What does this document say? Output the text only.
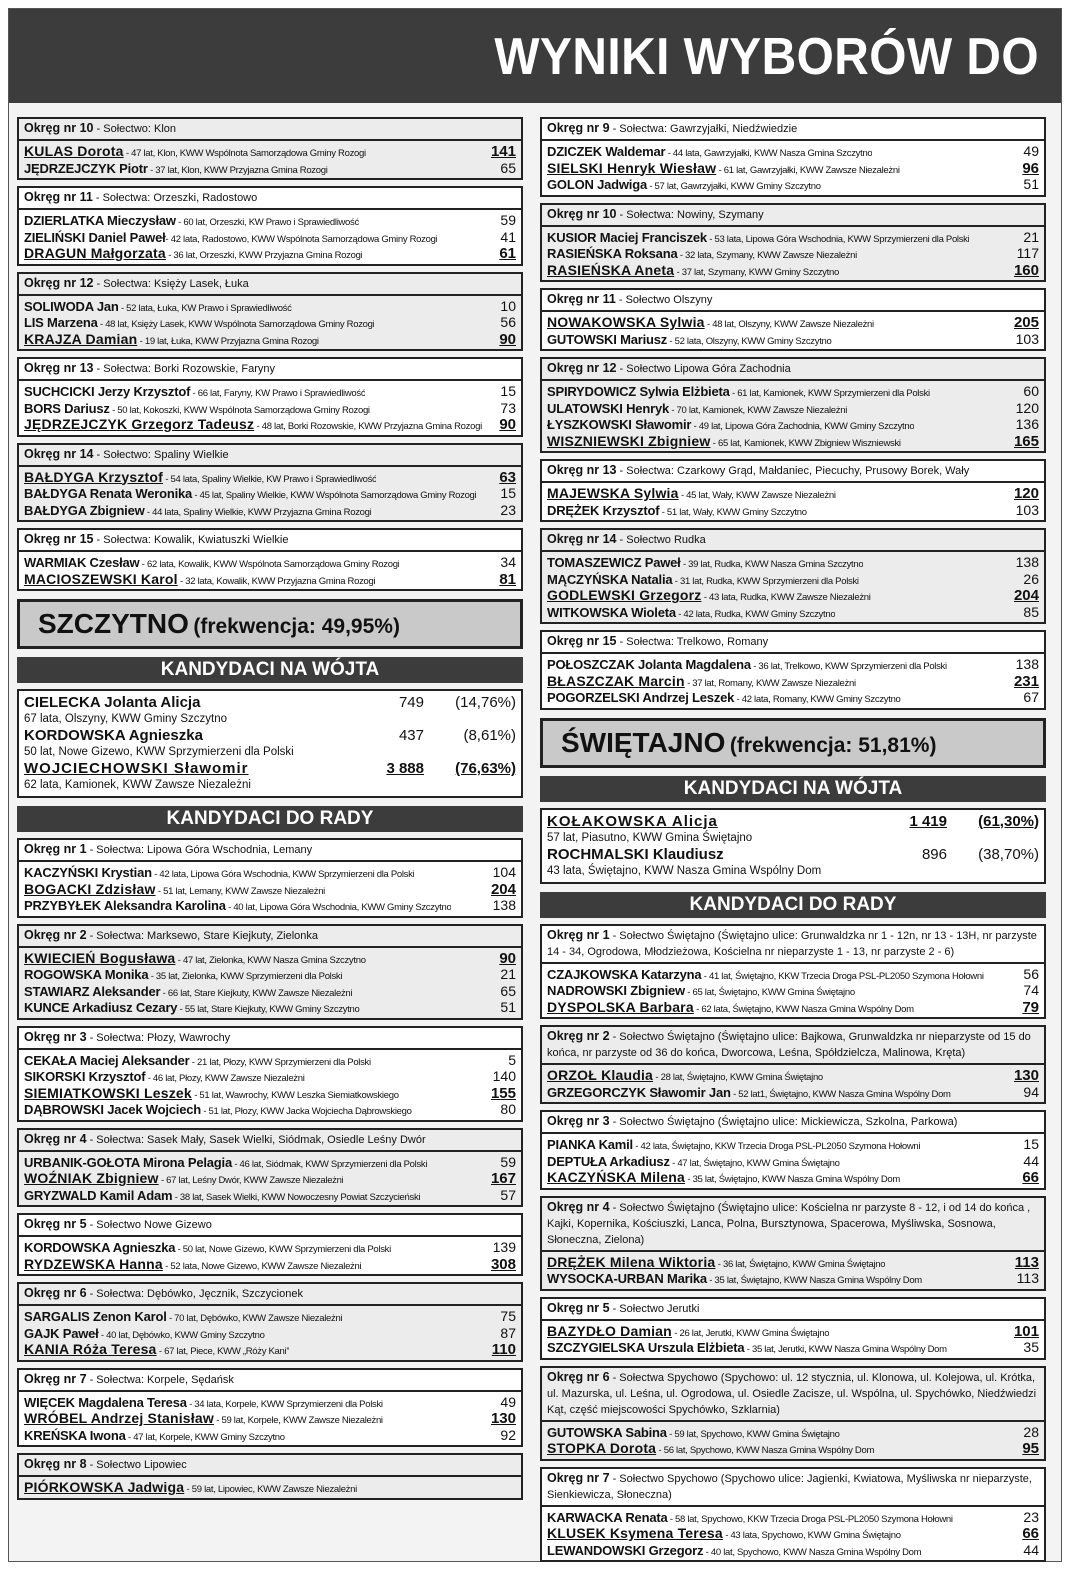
WYNIKI WYBORÓW DO
Okręg nr 10 - Sołectwo: Klon
KULAS Dorota - 47 lat, Klon, KWW Wspólnota Samorządowa Gminy Rozogi	141
JĘDRZEJCZYK Piotr - 37 lat, Klon, KWW Przyjazna Gmina Rozogi	65
Okręg nr 11 - Sołectwa: Orzeszki, Radostowo
DZIERLATKA Mieczysław - 60 lat, Orzeszki, KW Prawo i Sprawiedliwość	59
ZIELIŃSKI Daniel Paweł- 42 lata, Radostowo, KWW Wspólnota Samorządowa Gminy Rozogi	41
DRAGUN Małgorzata - 36 lat, Orzeszki, KWW Przyjazna Gmina Rozogi	61
Okręg nr 12 - Sołectwa: Księży Lasek, Łuka
SOLIWODA Jan - 52 lata, Łuka, KW Prawo i Sprawiedliwość	10
LIS Marzena - 48 lat, Księży Lasek, KWW Wspólnota Samorządowa Gminy Rozogi	56
KRAJZA Damian - 19 lat, Łuka, KWW Przyjazna Gmina Rozogi	90
Okręg nr 13 - Sołectwa: Borki Rozowskie, Faryny
SUCHCICKI Jerzy Krzysztof - 66 lat, Faryny, KW Prawo i Sprawiedliwość	15
BORS Dariusz - 50 lat, Kokoszki, KWW Wspólnota Samorządowa Gminy Rozogi	73
JĘDRZEJCZYK Grzegorz Tadeusz - 48 lat, Borki Rozowskie, KWW Przyjazna Gmina Rozogi	90
Okręg nr 14 - Sołectwo: Spaliny Wielkie
BAŁDYGA Krzysztof - 54 lata, Spaliny Wielkie, KW Prawo i Sprawiedliwość	63
BAŁDYGA Renata Weronika - 45 lat, Spaliny Wielkie, KWW Wspólnota Samorządowa Gminy Rozogi	15
BAŁDYGA Zbigniew - 44 lata, Spaliny Wielkie, KWW Przyjazna Gmina Rozogi	23
Okręg nr 15 - Sołectwa: Kowalik, Kwiatuszki Wielkie
WARMIAK Czesław - 62 lata, Kowalik, KWW Wspólnota Samorządowa Gminy Rozogi	34
MACIOSZEWSKI Karol - 32 lata, Kowalik, KWW Przyjazna Gmina Rozogi	81
SZCZYTNO (frekwencja: 49,95%)
KANDYDACI NA WÓJTA
CIELECKA Jolanta Alicja	749	(14,76%)
67 lata, Olszyny, KWW Gminy Szczytno
KORDOWSKA Agnieszka	437	(8,61%)
50 lat, Nowe Gizewo, KWW Sprzymierzeni dla Polski
WOJCIECHOWSKI Sławomir	3 888	(76,63%)
62 lata, Kamionek, KWW Zawsze Niezależni
KANDYDACI DO RADY
Okręg nr 1 - Sołectwa: Lipowa Góra Wschodnia, Lemany
KACZYŃSKI Krystian - 42 lata, Lipowa Góra Wschodnia, KWW Sprzymierzeni dla Polski	104
BOGACKI Zdzisław - 51 lat, Lemany, KWW Zawsze Niezależni	204
PRZYBYŁEK Aleksandra Karolina - 40 lat, Lipowa Góra Wschodnia, KWW Gminy Szczytno	138
Okręg nr 2 - Sołectwa: Marksewo, Stare Kiejkuty, Zielonka
KWIECIEŃ Bogusława - 47 lat, Zielonka, KWW Nasza Gmina Szczytno	90
ROGOWSKA Monika - 35 lat, Zielonka, KWW Sprzymierzeni dla Polski	21
STAWIARZ Aleksander - 66 lat, Stare Kiejkuty, KWW Zawsze Niezależni	65
KUNCE Arkadiusz Cezary - 55 lat, Stare Kiejkuty, KWW Gminy Szczytno	51
Okręg nr 3 - Sołectwa: Płozy, Wawrochy
CEKAŁA Maciej Aleksander - 21 lat, Płozy, KWW Sprzymierzeni dla Polski	5
SIKORSKI Krzysztof - 46 lat, Płozy, KWW Zawsze Niezależni	140
SIEMIATKOWSKI Leszek - 51 lat, Wawrochy, KWW Leszka Siemiatkowskiego	155
DĄBROWSKI Jacek Wojciech - 51 lat, Płozy, KWW Jacka Wojciecha Dąbrowskiego	80
Okręg nr 4 - Sołectwa: Sasek Mały, Sasek Wielki, Siódmak, Osiedle Leśny Dwór
URBANIK-GOŁOTA Mirona Pelagia - 46 lat, Siódmak, KWW Sprzymierzeni dla Polski	59
WOŹNIAK Zbigniew - 67 lat, Leśny Dwór, KWW Zawsze Niezależni	167
GRYZWALD Kamil Adam - 38 lat, Sasek Wielki, KWW Nowoczesny Powiat Szczycieński	57
Okręg nr 5 - Sołectwo Nowe Gizewo
KORDOWSKA Agnieszka - 50 lat, Nowe Gizewo, KWW Sprzymierzeni dla Polski	139
RYDZEWSKA Hanna - 52 lata, Nowe Gizewo, KWW Zawsze Niezależni	308
Okręg nr 6 - Sołectwa: Dębówko, Jęcznik, Szczycionek
SARGALIS Zenon Karol - 70 lat, Dębówko, KWW Zawsze Niezależni	75
GAJK Paweł - 40 lat, Dębówko, KWW Gminy Szczytno	87
KANIA Róża Teresa - 67 lat, Piece, KWW „Róży Kani”	110
Okręg nr 7 - Sołectwa: Korpele, Sędańsk
WIĘCEK Magdalena Teresa - 34 lata, Korpele, KWW Sprzymierzeni dla Polski	49
WRÓBEL Andrzej Stanisław - 59 lat, Korpele, KWW Zawsze Niezależni	130
KREŃSKA Iwona - 47 lat, Korpele, KWW Gminy Szczytno	92
Okręg nr 8 - Sołectwo Lipowiec
PIÓRKOWSKA Jadwiga - 59 lat, Lipowiec, KWW Zawsze Niezależni
Okręg nr 9 - Sołectwa: Gawrzyjałki, Niedźwiedzie
DZICZEK Waldemar - 44 lata, Gawrzyjałki, KWW Nasza Gmina Szczytno	49
SIELSKI Henryk Wiesław - 61 lat, Gawrzyjałki, KWW Zawsze Niezależni	96
GOLON Jadwiga - 57 lat, Gawrzyjałki, KWW Gminy Szczytno	51
Okręg nr 10 - Sołectwa: Nowiny, Szymany
KUSIOR Maciej Franciszek - 53 lata, Lipowa Góra Wschodnia, KWW Sprzymierzeni dla Polski	21
RASIEŃSKA Roksana - 32 lata, Szymany, KWW Zawsze Niezależni	117
RASIEŃSKA Aneta - 37 lat, Szymany, KWW Gminy Szczytno	160
Okręg nr 11 - Sołectwo Olszyny
NOWAKOWSKA Sylwia - 48 lat, Olszyny, KWW Zawsze Niezależni	205
GUTOWSKI Mariusz - 52 lata, Olszyny, KWW Gminy Szczytno	103
Okręg nr 12 - Sołectwo Lipowa Góra Zachodnia
SPIRYDOWICZ Sylwia Elżbieta - 61 lat, Kamionek, KWW Sprzymierzeni dla Polski	60
ULATOWSKI Henryk - 70 lat, Kamionek, KWW Zawsze Niezależni	120
ŁYSZKOWSKI Sławomir - 49 lat, Lipowa Góra Zachodnia, KWW Gminy Szczytno	136
WISZNIEWSKI Zbigniew - 65 lat, Kamionek, KWW Zbigniew Wiszniewski	165
Okręg nr 13 - Sołectwa: Czarkowy Grąd, Małdaniec, Piecuchy, Prusowy Borek, Wały
MAJEWSKA Sylwia - 45 lat, Wały, KWW Zawsze Niezależni	120
DRĘŻEK Krzysztof - 51 lat, Wały, KWW Gminy Szczytno	103
Okręg nr 14 - Sołectwo Rudka
TOMASZEWICZ Paweł - 39 lat, Rudka, KWW Nasza Gmina Szczytno	138
MĄCZYŃSKA Natalia - 31 lat, Rudka, KWW Sprzymierzeni dla Polski	26
GODLEWSKI Grzegorz - 43 lata, Rudka, KWW Zawsze Niezależni	204
WITKOWSKA Wioleta - 42 lata, Rudka, KWW Gminy Szczytno	85
Okręg nr 15 - Sołectwa: Trelkowo, Romany
POŁOSZCZAK Jolanta Magdalena - 36 lat, Trelkowo, KWW Sprzymierzeni dla Polski	138
BŁASZCZAK Marcin - 37 lat, Romany, KWW Zawsze Niezależni	231
POGORZELSKI Andrzej Leszek - 42 lata, Romany, KWW Gminy Szczytno	67
ŚWIĘTAJNO (frekwencja: 51,81%)
KANDYDACI NA WÓJTA
KOŁAKOWSKA Alicja	1 419	(61,30%)
57 lat, Piasutno, KWW Gmina Świętajno
ROCHMALSKI Klaudiusz	896	(38,70%)
43 lata, Świętajno, KWW Nasza Gmina Wspólny Dom
KANDYDACI DO RADY
Okręg nr 1 - Sołectwo Świętajno (Świętajno ulice: Grunwaldzka nr 1 - 12n, nr 13 - 13H, nr parzyste 14 - 34, Ogrodowa, Młodzieżowa, Kościelna nr nieparzyste 1 - 13, nr parzyste 2 - 6)
CZAJKOWSKA Katarzyna - 41 lat, Świętajno, KKW Trzecia Droga PSL-PL2050 Szymona Hołowni	56
NADROWSKI Zbigniew - 65 lat, Świętajno, KWW Gmina Świętajno	74
DYSPOLSKA Barbara - 62 lata, Świętajno, KWW Nasza Gmina Wspólny Dom	79
Okręg nr 2 - Sołectwo Świętajno (Świętajno ulice: Bajkowa, Grunwaldzka nr nieparzyste od 15 do końca, nr parzyste od 36 do końca, Dworcowa, Leśna, Spółdzielcza, Malinowa, Kręta)
ORZOŁ Klaudia - 28 lat, Świętajno, KWW Gmina Świętajno	130
GRZEGORCZYK Sławomir Jan - 52 lat1, Świętajno, KWW Nasza Gmina Wspólny Dom	94
Okręg nr 3 - Sołectwo Świętajno (Świętajno ulice: Mickiewicza, Szkolna, Parkowa)
PIANKA Kamil - 42 lata, Świętajno, KKW Trzecia Droga PSL-PL2050 Szymona Hołowni	15
DEPTUŁA Arkadiusz - 47 lat, Świętajno, KWW Gmina Świętajno	44
KACZYŃSKA Milena - 35 lat, Świętajno, KWW Nasza Gmina Wspólny Dom	66
Okręg nr 4 - Sołectwo Świętajno (Świętajno ulice: Kościelna nr parzyste 8 - 12, i od 14 do końca , Kajki, Kopernika, Kościuszki, Lanca, Polna, Bursztynowa, Spacerowa, Myśliwska, Sosnowa, Słoneczna, Zielona)
DRĘŻEK Milena Wiktoria - 36 lat, Świętajno, KWW Gmina Świętajno	113
WYSOCKA-URBAN Marika - 35 lat, Świętajno, KWW Nasza Gmina Wspólny Dom	113
Okręg nr 5 - Sołectwo Jerutki
BAZYDŁO Damian - 26 lat, Jerutki, KWW Gmina Świętajno	101
SZCZYGIELSKA Urszula Elżbieta - 35 lat, Jerutki, KWW Nasza Gmina Wspólny Dom	35
Okręg nr 6 - Sołectwa Spychowo (Spychowo: ul. 12 stycznia, ul. Klonowa, ul. Kolejowa, ul. Krótka, ul. Mazurska, ul. Leśna, ul. Ogrodowa, ul. Osiedle Zacisze, ul. Wspólna, ul. Spychówko, Niedźwiedzi Kąt, część miejscowości Spychówko, Szklarnia)
GUTOWSKA Sabina - 59 lat, Spychowo, KWW Gmina Świętajno	28
STOPKA Dorota - 56 lat, Spychowo, KWW Nasza Gmina Wspólny Dom	95
Okręg nr 7 - Sołectwo Spychowo (Spychowo ulice: Jagienki, Kwiatowa, Myśliwska nr nieparzyste, Sienkiewicza, Słoneczna)
KARWACKA Renata - 58 lat, Spychowo, KKW Trzecia Droga PSL-PL2050 Szymona Hołowni	23
KLUSEK Ksymena Teresa - 43 lata, Spychowo, KWW Gmina Świętajno	66
LEWANDOWSKI Grzegorz - 40 lat, Spychowo, KWW Nasza Gmina Wspólny Dom	44
